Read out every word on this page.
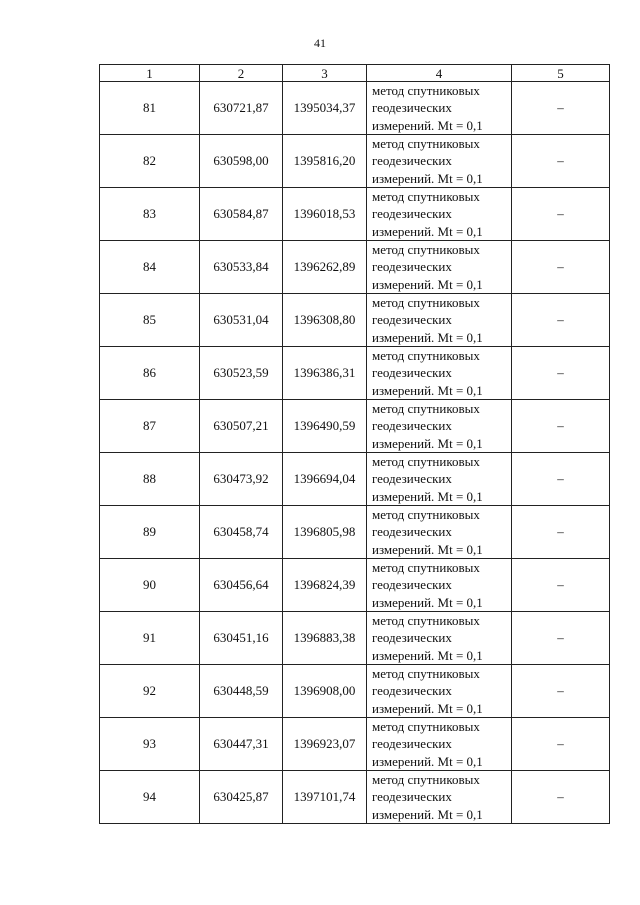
41
1	2	3	4	5
81	630721,87	1395034,37	метод спутниковых
геодезических
измерений. Mt = 0,1	–
82	630598,00	1395816,20	метод спутниковых
геодезических
измерений. Mt = 0,1	–
83	630584,87	1396018,53	метод спутниковых
геодезических
измерений. Mt = 0,1	–
84	630533,84	1396262,89	метод спутниковых
геодезических
измерений. Mt = 0,1	–
85	630531,04	1396308,80	метод спутниковых
геодезических
измерений. Mt = 0,1	–
86	630523,59	1396386,31	метод спутниковых
геодезических
измерений. Mt = 0,1	–
87	630507,21	1396490,59	метод спутниковых
геодезических
измерений. Mt = 0,1	–
88	630473,92	1396694,04	метод спутниковых
геодезических
измерений. Mt = 0,1	–
89	630458,74	1396805,98	метод спутниковых
геодезических
измерений. Mt = 0,1	–
90	630456,64	1396824,39	метод спутниковых
геодезических
измерений. Mt = 0,1	–
91	630451,16	1396883,38	метод спутниковых
геодезических
измерений. Mt = 0,1	–
92	630448,59	1396908,00	метод спутниковых
геодезических
измерений. Mt = 0,1	–
93	630447,31	1396923,07	метод спутниковых
геодезических
измерений. Mt = 0,1	–
94	630425,87	1397101,74	метод спутниковых
геодезических
измерений. Mt = 0,1	–
